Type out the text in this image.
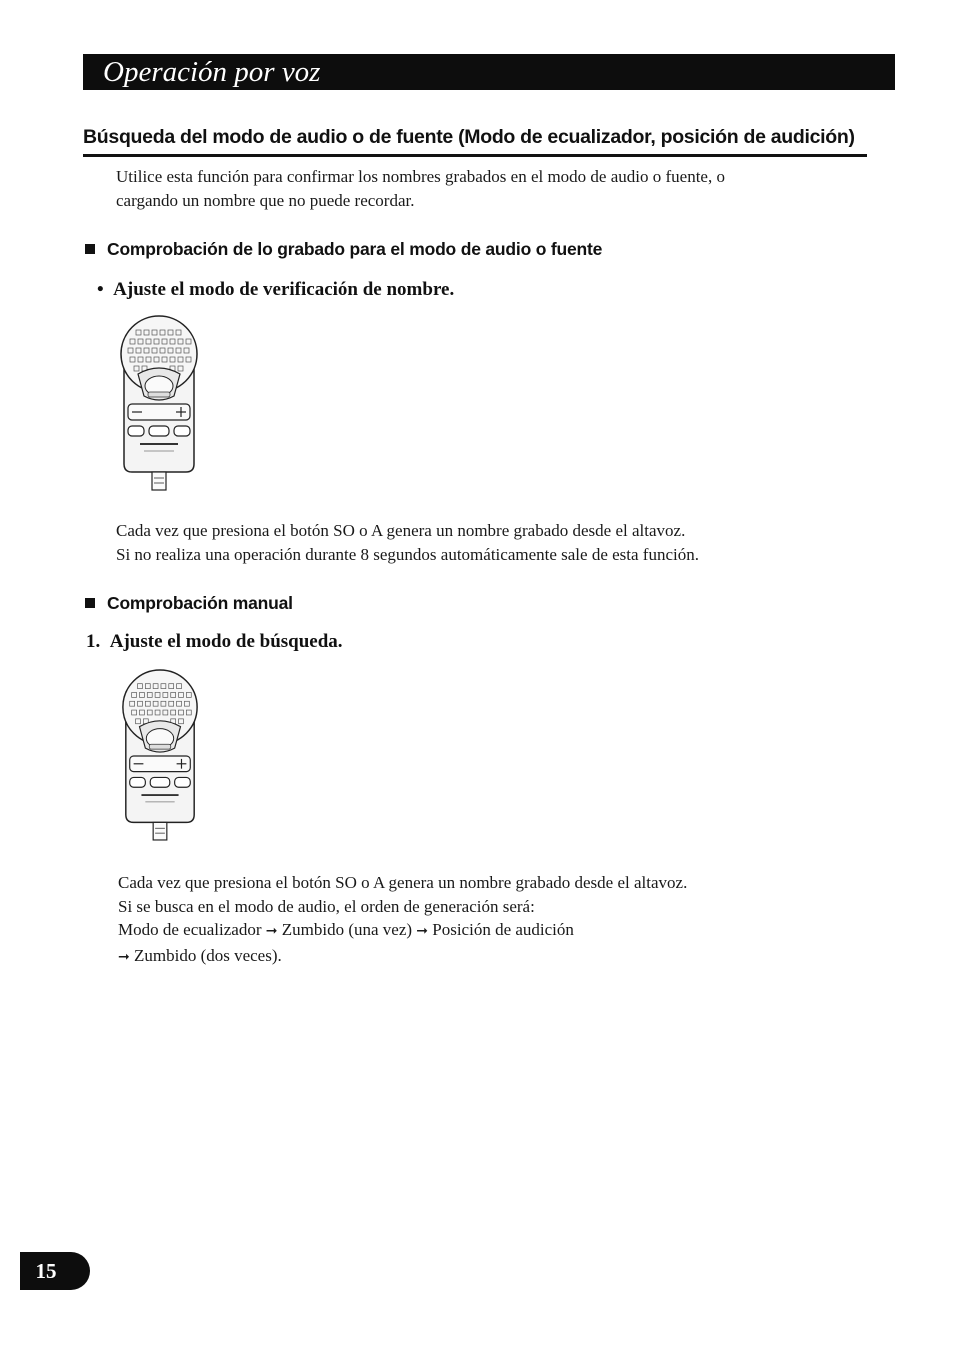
Operación por voz
Búsqueda del modo de audio o de fuente (Modo de ecualizador, posición de audición)
Utilice esta función para confirmar los nombres grabados en el modo de audio o fuente, o
cargando un nombre que no puede recordar.
Comprobación de lo grabado para el modo de audio o fuente
• Ajuste el modo de verificación de nombre.
Cada vez que presiona el botón SO o A genera un nombre grabado desde el altavoz.
Si no realiza una operación durante 8 segundos automáticamente sale de esta función.
Comprobación manual
1. Ajuste el modo de búsqueda.
Cada vez que presiona el botón SO o A genera un nombre grabado desde el altavoz.
Si se busca en el modo de audio, el orden de generación será:
Modo de ecualizador ➞ Zumbido (una vez) ➞ Posición de audición
➞ Zumbido (dos veces).
15
